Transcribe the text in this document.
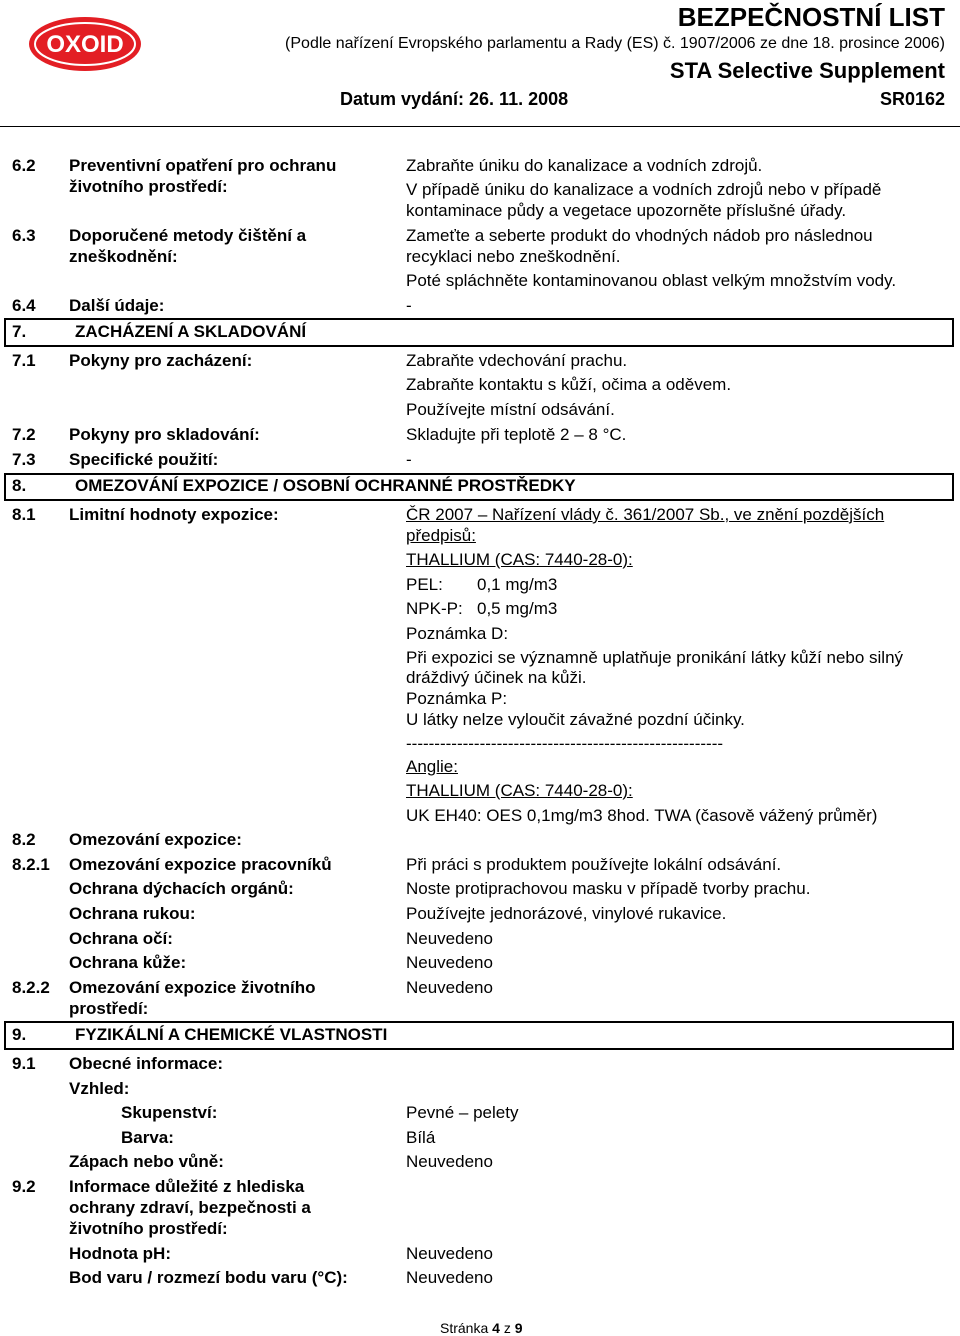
OXOID
BEZPEČNOSTNÍ LIST
(Podle nařízení Evropského parlamentu a Rady (ES) č. 1907/2006 ze dne 18. prosince 2006)
STA Selective Supplement
Datum vydání: 26. 11. 2008	SR0162
6.2 Preventivní opatření pro ochranu
životního prostředí:
Zabraňte úniku do kanalizace a vodních zdrojů.
V případě úniku do kanalizace a vodních zdrojů nebo v případě
kontaminace půdy a vegetace upozorněte příslušné úřady.
6.3 Doporučené metody čištění a
zneškodnění:
Zameťte a seberte produkt do vhodných nádob pro následnou
recyklaci nebo zneškodnění.
Poté spláchněte kontaminovanou oblast velkým množstvím vody.
6.4 Další údaje:	-
7.	ZACHÁZENÍ A SKLADOVÁNÍ
7.1 Pokyny pro zacházení:	Zabraňte vdechování prachu.
Zabraňte kontaktu s kůží, očima a oděvem.
Používejte místní odsávání.
7.2 Pokyny pro skladování:	Skladujte při teplotě 2 – 8 °C.
7.3 Specifické použití:	-
8.	OMEZOVÁNÍ EXPOZICE / OSOBNÍ OCHRANNÉ PROSTŘEDKY
8.1 Limitní hodnoty expozice:	ČR 2007 – Nařízení vlády č. 361/2007 Sb., ve znění pozdějších
předpisů:
THALLIUM (CAS: 7440-28-0):
PEL: 0,1 mg/m3
NPK-P: 0,5 mg/m3
Poznámka D:
Při expozici se významně uplatňuje pronikání látky kůží nebo silný
dráždivý účinek na kůži.
Poznámka P:
U látky nelze vyloučit závažné pozdní účinky.
--------------------------------------------------------
Anglie:
THALLIUM (CAS: 7440-28-0):
UK EH40: OES 0,1mg/m3 8hod. TWA (časově vážený průměr)
8.2 Omezování expozice:
8.2.1 Omezování expozice pracovníků	Při práci s produktem používejte lokální odsávání.
Ochrana dýchacích orgánů:	Noste protiprachovou masku v případě tvorby prachu.
Ochrana rukou:	Používejte jednorázové, vinylové rukavice.
Ochrana očí:	Neuvedeno
Ochrana kůže:	Neuvedeno
8.2.2 Omezování expozice životního
prostředí:
Neuvedeno
9.	FYZIKÁLNÍ A CHEMICKÉ VLASTNOSTI
9.1 Obecné informace:
Vzhled:
Skupenství:	Pevné – pelety
Barva:	Bílá
Zápach nebo vůně:	Neuvedeno
9.2 Informace důležité z hlediska
ochrany zdraví, bezpečnosti a
životního prostředí:
Hodnota pH:	Neuvedeno
Bod varu / rozmezí bodu varu (°C):	Neuvedeno
Stránka 4 z 9
